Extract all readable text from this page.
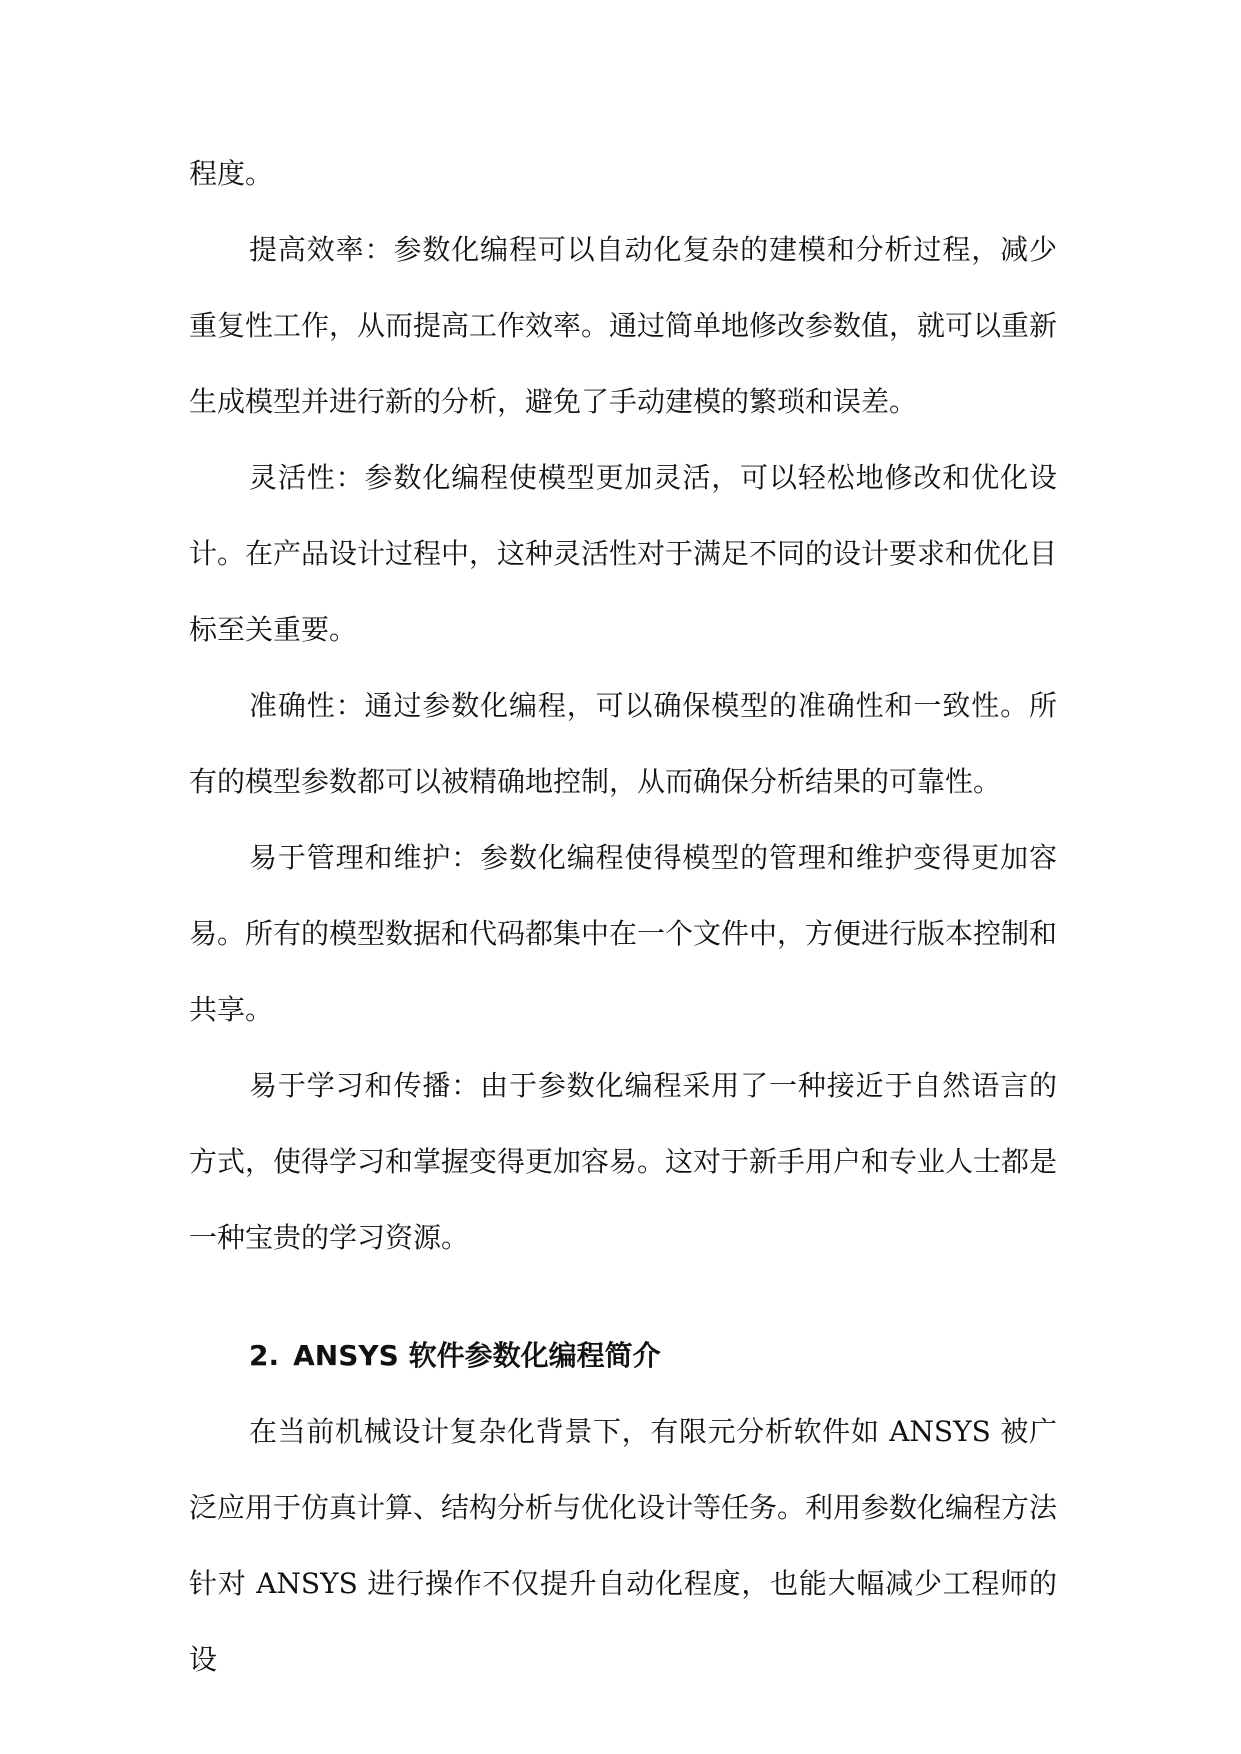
程度。

提高效率：参数化编程可以自动化复杂的建模和分析过程，减少重复性工作，从而提高工作效率。通过简单地修改参数值，就可以重新生成模型并进行新的分析，避免了手动建模的繁琐和误差。

灵活性：参数化编程使模型更加灵活，可以轻松地修改和优化设计。在产品设计过程中，这种灵活性对于满足不同的设计要求和优化目标至关重要。

准确性：通过参数化编程，可以确保模型的准确性和一致性。所有的模型参数都可以被精确地控制，从而确保分析结果的可靠性。

易于管理和维护：参数化编程使得模型的管理和维护变得更加容易。所有的模型数据和代码都集中在一个文件中，方便进行版本控制和共享。

易于学习和传播：由于参数化编程采用了一种接近于自然语言的方式，使得学习和掌握变得更加容易。这对于新手用户和专业人士都是一种宝贵的学习资源。

2. ANSYS 软件参数化编程简介

在当前机械设计复杂化背景下，有限元分析软件如 ANSYS 被广泛应用于仿真计算、结构分析与优化设计等任务。利用参数化编程方法针对 ANSYS 进行操作不仅提升自动化程度，也能大幅减少工程师的设
